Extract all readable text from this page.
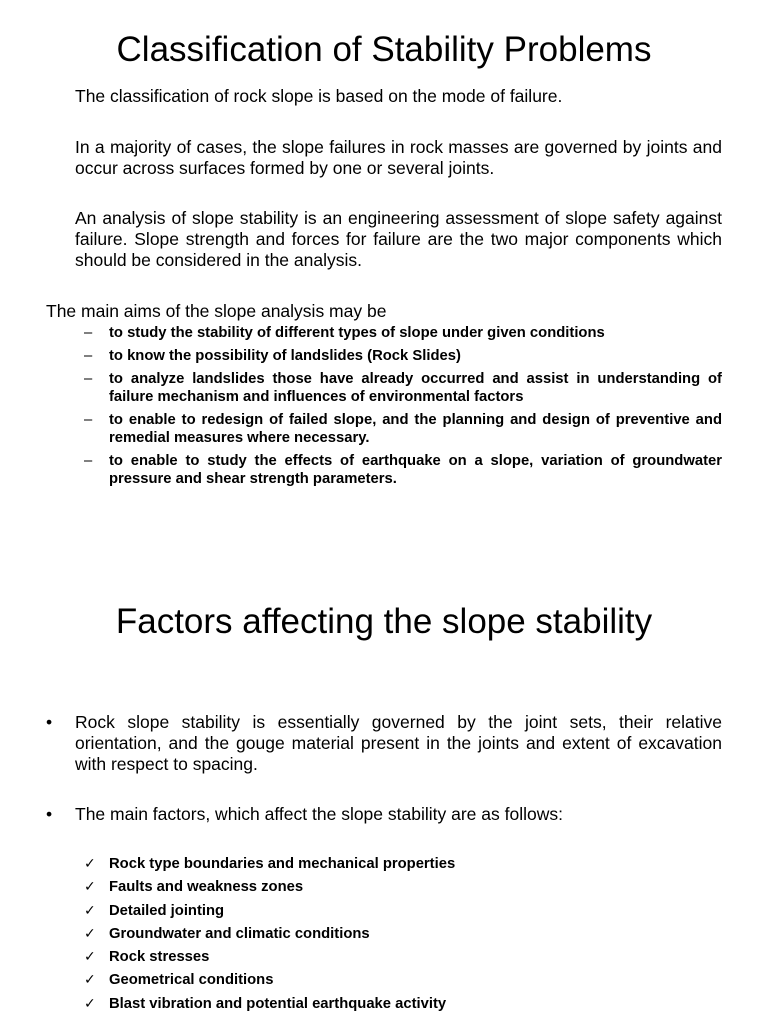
Classification of Stability Problems

The classification of rock slope is based on the mode of failure.

In a majority of cases, the slope failures in rock masses are governed by joints and occur across surfaces formed by one or several joints.

An analysis of slope stability is an engineering assessment of slope safety against failure. Slope strength and forces for failure are the two major components which should be considered in the analysis.

The main aims of the slope analysis may be

– to study the stability of different types of slope under given conditions
– to know the possibility of landslides (Rock Slides)
– to analyze landslides those have already occurred and assist in understanding of failure mechanism and influences of environmental factors
– to enable to redesign of failed slope, and the planning and design of preventive and remedial measures where necessary.
– to enable to study the effects of earthquake on a slope, variation of groundwater pressure and shear strength parameters.
Factors affecting the slope stability
• Rock slope stability is essentially governed by the joint sets, their relative orientation, and the gouge material present in the joints and extent of excavation with respect to spacing.
• The main factors, which affect the slope stability are as follows:
✓ Rock type boundaries and mechanical properties
✓ Faults and weakness zones
✓ Detailed jointing
✓ Groundwater and climatic conditions
✓ Rock stresses
✓ Geometrical conditions
✓ Blast vibration and potential earthquake activity
